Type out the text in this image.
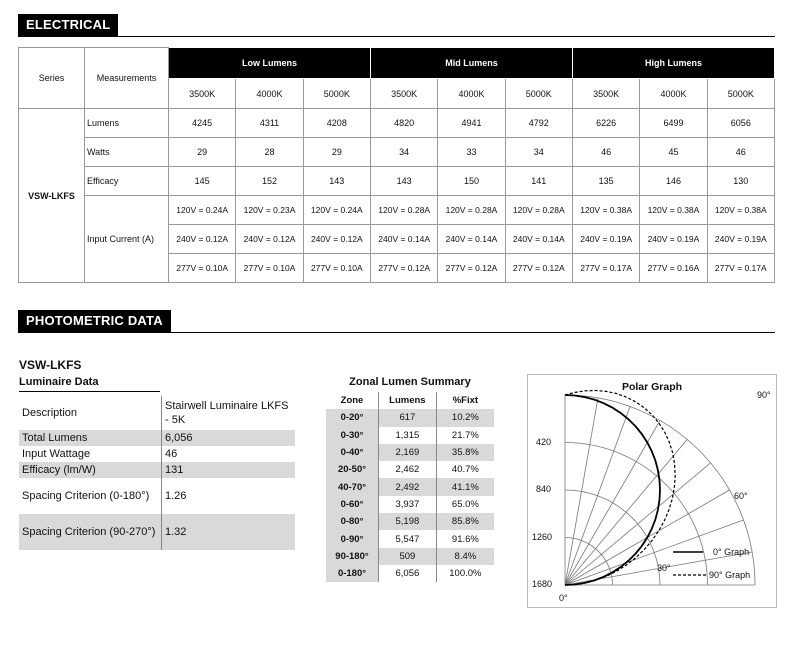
ELECTRICAL
Series	Measurements	Low Lumens			Mid Lumens			High Lumens		
		3500K	4000K	5000K	3500K	4000K	5000K	3500K	4000K	5000K
VSW-LKFS	Lumens	4245	4311	4208	4820	4941	4792	6226	6499	6056
	Watts	29	28	29	34	33	34	46	45	46
	Efficacy	145	152	143	143	150	141	135	146	130
	Input Current (A)	120V = 0.24A	120V = 0.23A	120V = 0.24A	120V = 0.28A	120V = 0.28A	120V = 0.28A	120V = 0.38A	120V = 0.38A	120V = 0.38A
		240V = 0.12A	240V = 0.12A	240V = 0.12A	240V = 0.14A	240V = 0.14A	240V = 0.14A	240V = 0.19A	240V = 0.19A	240V = 0.19A
		277V = 0.10A	277V = 0.10A	277V = 0.10A	277V = 0.12A	277V = 0.12A	277V = 0.12A	277V = 0.17A	277V = 0.16A	277V = 0.17A
PHOTOMETRIC DATA
VSW-LKFS
Luminaire Data
Description	Stairwell Luminaire LKFS - 5K
Total Lumens	6,056
Input Wattage	46
Efficacy (lm/W)	131
Spacing Criterion (0-180°)	1.26
Spacing Criterion (90-270°)	1.32
Zonal Lumen Summary
Zone	Lumens	%Fixt
0-20°	617	10.2%
0-30°	1,315	21.7%
0-40°	2,169	35.8%
20-50°	2,462	40.7%
40-70°	2,492	41.1%
0-60°	3,937	65.0%
0-80°	5,198	85.8%
0-90°	5,547	91.6%
90-180°	509	8.4%
0-180°	6,056	100.0%
Polar Graph
420
840
1260
1680
90°
60°
30°
0°
0° Graph
90° Graph
